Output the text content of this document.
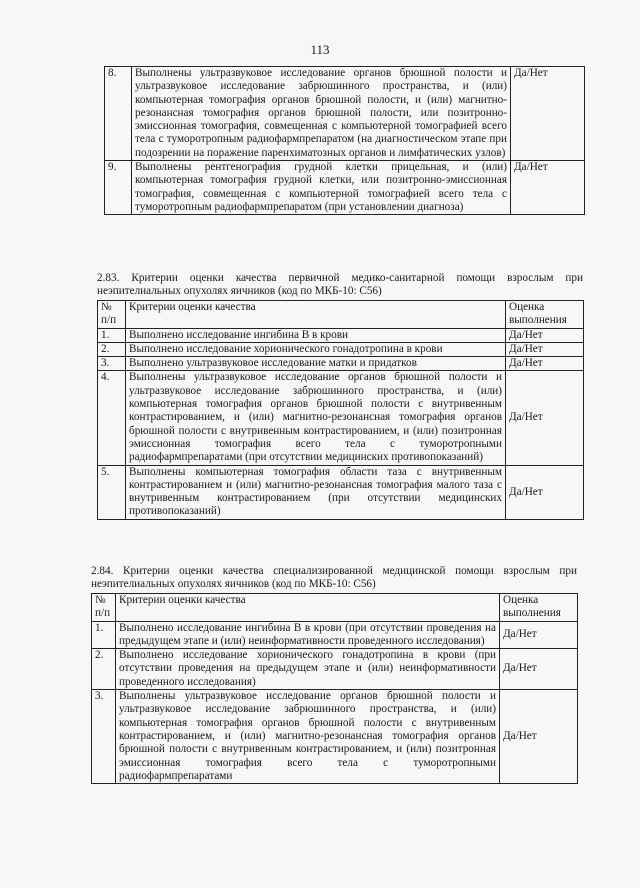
113
8.	Выполнены ультразвуковое исследование органов брюшной полости и ультразвуковое исследование забрюшинного пространства, и (или) компьютерная томография органов брюшной полости, и (или) магнитно-резонансная томография органов брюшной полости, или позитронно-эмиссионная томография, совмещенная с компьютерной томографией всего тела с туморотропным радиофармпрепаратом (на диагностическом этапе при подозрении на поражение паренхиматозных органов и лимфатических узлов)	Да/Нет
9.	Выполнены рентгенография грудной клетки прицельная, и (или) компьютерная томография грудной клетки, или позитронно-эмиссионная томография, совмещенная с компьютерной томографией всего тела с туморотропным радиофармпрепаратом (при установлении диагноза)	Да/Нет
2.83. Критерии оценки качества первичной медико-санитарной помощи взрослым при неэпителиальных опухолях яичников (код по МКБ-10: C56)
№ п/п	Критерии оценки качества	Оценка выполнения
1.	Выполнено исследование ингибина В в крови	Да/Нет
2.	Выполнено исследование хорионического гонадотропина в крови	Да/Нет
3.	Выполнено ультразвуковое исследование матки и придатков	Да/Нет
4.	Выполнены ультразвуковое исследование органов брюшной полости и ультразвуковое исследование забрюшинного пространства, и (или) компьютерная томография органов брюшной полости с внутривенным контрастированием, и (или) магнитно-резонансная томография органов брюшной полости с внутривенным контрастированием, и (или) позитронная эмиссионная томография всего тела с туморотропными радиофармпрепаратами (при отсутствии медицинских противопоказаний)	Да/Нет
5.	Выполнены компьютерная томография области таза с внутривенным контрастированием и (или) магнитно-резонансная томография малого таза с внутривенным контрастированием (при отсутствии медицинских противопоказаний)	Да/Нет
2.84. Критерии оценки качества специализированной медицинской помощи взрослым при неэпителиальных опухолях яичников (код по МКБ-10: C56)
№ п/п	Критерии оценки качества	Оценка выполнения
1.	Выполнено исследование ингибина В в крови (при отсутствии проведения на предыдущем этапе и (или) неинформативности проведенного исследования)	Да/Нет
2.	Выполнено исследование хорионического гонадотропина в крови (при отсутствии проведения на предыдущем этапе и (или) неинформативности проведенного исследования)	Да/Нет
3.	Выполнены ультразвуковое исследование органов брюшной полости и ультразвуковое исследование забрюшинного пространства, и (или) компьютерная томография органов брюшной полости с внутривенным контрастированием, и (или) магнитно-резонансная томография органов брюшной полости с внутривенным контрастированием, и (или) позитронная эмиссионная томография всего тела с туморотропными радиофармпрепаратами	Да/Нет
